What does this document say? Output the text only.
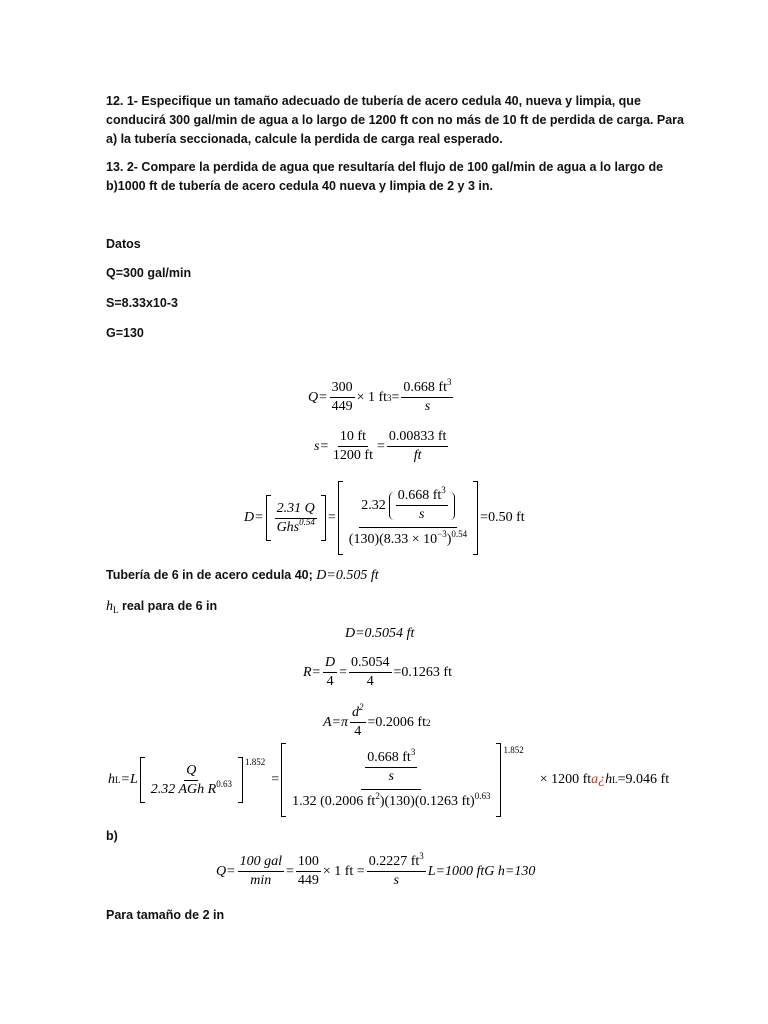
12. 1- Especifique un tamaño adecuado de tubería de acero cedula 40, nueva y limpia, que
conducirá 300 gal/min de agua a lo largo de 1200 ft con no más de 10 ft de perdida de carga. Para
a) la tubería seccionada, calcule la perdida de carga real esperado.
13. 2- Compare la perdida de agua que resultaría del flujo de 100 gal/min de agua a lo largo de
b)1000 ft de tubería de acero cedula 40 nueva y limpia de 2 y 3 in.
Datos
Q=300 gal/min
S=8.33x10-3
G=130
$Q= \frac{300}{449} \times 1$ ft $3 = \frac{0.668 ft^3}{s}$
$s= \frac{10 ft}{1200 ft} = \frac{0.00833 ft}{ft}$
$D= \frac{2.31 Q}{Ghs^{0.54}} = \frac{2.32 \frac{0.668 ft^3}{s}}{(130)(8.33 \times 10^{-3})^{0.54}} =0.50$ ft
Tubería de 6 in de acero cedula 40; D=0.505 ft
$h_L$ real para de 6 in
D=0.5054 ft
$R= \frac{D}{4} = \frac{0.5054}{4} =0.1263$ ft
$A=\pi \frac{d^2}{4} =0.2006$ ft 2
h $L =L \frac{Q}{2.32 AGh R^{0.63}}$
1.852
= $\frac{\frac{0.668 ft^3}{s}}{1.32 (0.2006 ft^2)(130)(0.1263 ft)^{0.63}} 1.852$
× 1200 ft a¿ h L =9.046 ft
b)
$Q= \frac{\text{100 gal}}{\min} = \frac{100}{449} \times 1$ ft = $\frac{0.2227 ft^3}{s} L=1000$ ftG h=130
Para tamaño de 2 in
